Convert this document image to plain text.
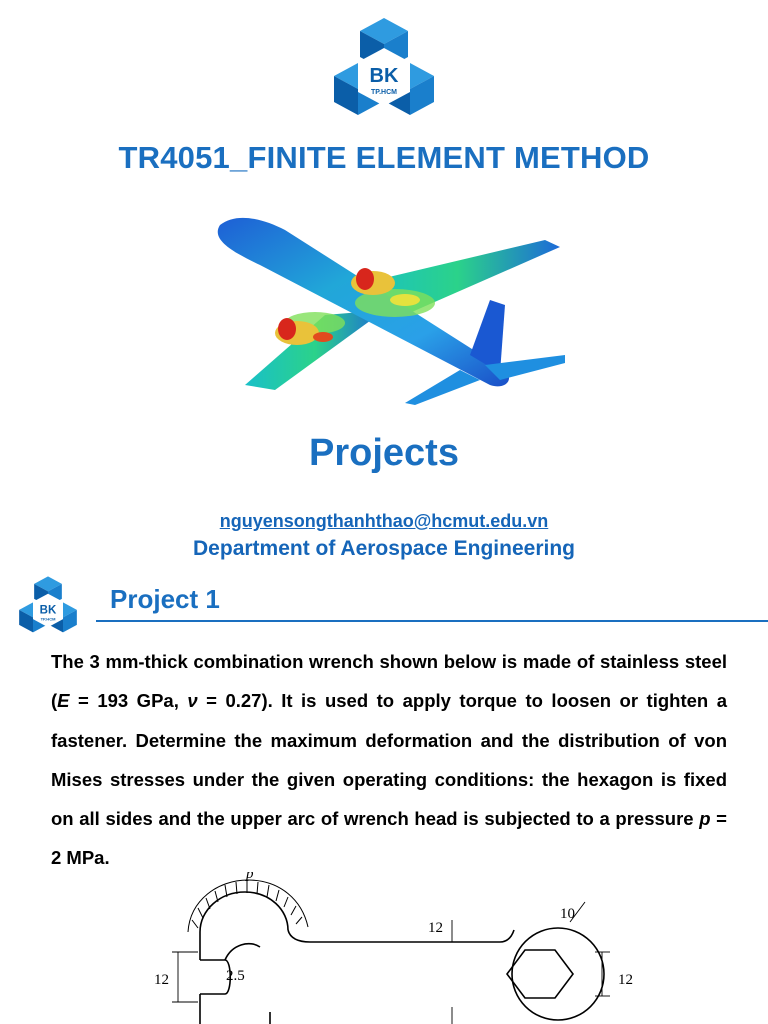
BK
TP.HCM
TR4051_FINITE ELEMENT METHOD
Projects
nguyensongthanhthao@hcmut.edu.vn
Department of Aerospace Engineering
BK
TP.HCM
Project 1
The 3 mm-thick combination wrench shown below is made of stainless steel (E = 193 GPa, ν = 0.27). It is used to apply torque to loosen or tighten a fastener. Determine the maximum deformation and the distribution of von Mises stresses under the given operating conditions: the hexagon is fixed on all sides and the upper arc of wrench head is subjected to a pressure p = 2 MPa.
p
12	2.5
12
10
12
